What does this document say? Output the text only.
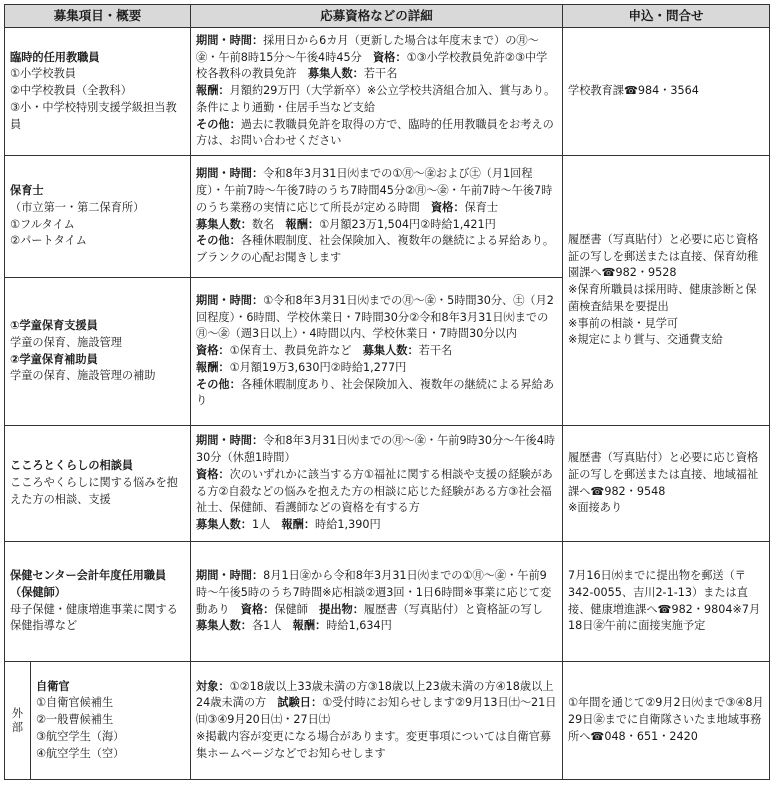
募集項目・概要		応募資格などの詳細	申込・問合せ

臨時的任用教職員
①小学校教員
②中学校教員（全教科）
③小・中学校特別支援学級担当教員		期間・時間：採用日から6カ月（更新した場合は年度末まで）の㊊〜㊎・午前8時15分〜午後4時45分　資格：①③小学校教員免許②③中学校各教科の教員免許　募集人数：若干名
報酬：月額約29万円（大学新卒）※公立学校共済組合加入、賞与あり。条件により通勤・住居手当など支給
その他：過去に教職員免許を取得の方で、臨時的任用教職員をお考えの方は、お問い合わせください	学校教育課☎984・3564

保育士
（市立第一・第二保育所）
①フルタイム
②パートタイム		期間・時間：令和8年3月31日㈫までの①㊊〜㊎および㊏（月1回程度）・午前7時〜午後7時のうち7時間45分②㊊〜㊎・午前7時〜午後7時のうち業務の実情に応じて所長が定める時間　資格：保育士
募集人数：数名　報酬：①月額23万1,504円②時給1,421円
その他：各種休暇制度、社会保険加入、複数年の継続による昇給あり。ブランクの心配お聞きします	履歴書（写真貼付）と必要に応じ資格証の写しを郵送または直接、保育幼稚園課へ☎982・9528
※保育所職員は採用時、健康診断と保菌検査結果を要提出
※事前の相談・見学可
※規定により賞与、交通費支給

①学童保育支援員
学童の保育、施設管理
②学童保育補助員
学童の保育、施設管理の補助		期間・時間：①令和8年3月31日㈫までの㊊〜㊎・5時間30分、㊏（月2回程度）・6時間、学校休業日・7時間30分②令和8年3月31日㈫までの㊊〜㊎（週3日以上）・4時間以内、学校休業日・7時間30分以内
資格：①保育士、教員免許など　募集人数：若干名
報酬：①月額19万3,630円②時給1,277円
その他：各種休暇制度あり、社会保険加入、複数年の継続による昇給あり	

こころとくらしの相談員
こころやくらしに関する悩みを抱えた方の相談、支援		期間・時間：令和8年3月31日㈫までの㊊〜㊎・午前9時30分〜午後4時30分（休憩1時間）
資格：次のいずれかに該当する方①福祉に関する相談や支援の経験がある方②自殺などの悩みを抱えた方の相談に応じた経験がある方③社会福祉士、保健師、看護師などの資格を有する方
募集人数：1人　報酬：時給1,390円	履歴書（写真貼付）と必要に応じ資格証の写しを郵送または直接、地域福祉課へ☎982・9548
※面接あり

保健センター会計年度任用職員（保健師）
母子保健・健康増進事業に関する保健指導など		期間・時間：8月1日㊎から令和8年3月31日㈫までの①㊊〜㊎・午前9時〜午後5時のうち7時間※応相談②週3回・1日6時間※事業に応じて変動あり　資格：保健師　提出物：履歴書（写真貼付）と資格証の写し　募集人数：各1人　報酬：時給1,634円	7月16日㈬までに提出物を郵送（〒342-0055、吉川2-1-13）または直接、健康増進課へ☎982・9804※7月18日㊎午前に面接実施予定

外部	自衛官
①自衛官候補生
②一般曹候補生
③航空学生（海）
④航空学生（空）	対象：①②18歳以上33歳未満の方③18歳以上23歳未満の方④18歳以上24歳未満の方　試験日：①受付時にお知らせします②9月13日㈯〜21日㈰③④9月20日㈯・27日㈯
※掲載内容が変更になる場合があります。変更事項については自衛官募集ホームページなどでお知らせします	①年間を通じて②9月2日㈫まで③④8月29日㊎までに自衛隊さいたま地域事務所へ☎048・651・2420
